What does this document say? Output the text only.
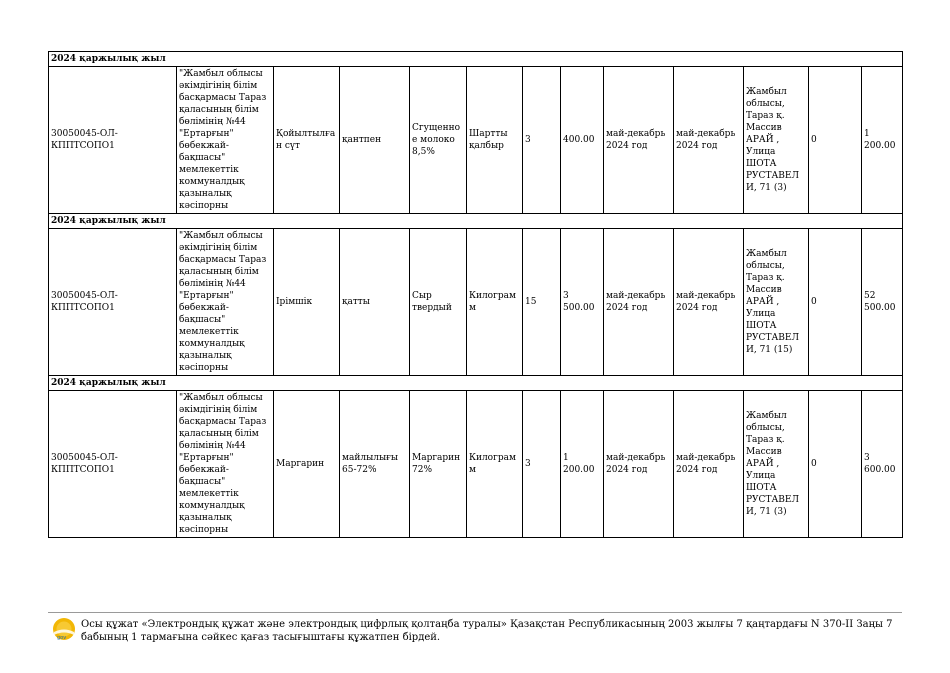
2024 қаржылық жыл												
30050045-ОЛ-КППТСОПО1	"Жамбыл облысы әкімдігінің білім басқармасы Тараз қаласының білім бөлімінің №44 "Ертарғын" бөбекжай-бақшасы" мемлекеттік коммуналдық қазыналық кәсіпорны	Қойылтылған сүт	қантпен	Сгущенное молоко 8,5%	Шартты қалбыр	3	400.00	май-декабрь 2024 год	май-декабрь 2024 год	Жамбыл облысы, Тараз қ. Массив АРАЙ , Улица ШОТА РУСТАВЕЛИ, 71 (3)	0	1 200.00
2024 қаржылық жыл												
30050045-ОЛ-КППТСОПО1	"Жамбыл облысы әкімдігінің білім басқармасы Тараз қаласының білім бөлімінің №44 "Ертарғын" бөбекжай-бақшасы" мемлекеттік коммуналдық қазыналық кәсіпорны	Ірімшік	қатты	Сыр твердый	Килограмм	15	3 500.00	май-декабрь 2024 год	май-декабрь 2024 год	Жамбыл облысы, Тараз қ. Массив АРАЙ , Улица ШОТА РУСТАВЕЛИ, 71 (15)	0	52 500.00
2024 қаржылық жыл												
30050045-ОЛ-КППТСОПО1	"Жамбыл облысы әкімдігінің білім басқармасы Тараз қаласының білім бөлімінің №44 "Ертарғын" бөбекжай-бақшасы" мемлекеттік коммуналдық қазыналық кәсіпорны	Маргарин	майлылығы 65-72%	Маргарин 72%	Килограмм	3	1 200.00	май-декабрь 2024 год	май-декабрь 2024 год	Жамбыл облысы, Тараз қ. Массив АРАЙ , Улица ШОТА РУСТАВЕЛИ, 71 (3)	0	3 600.00
gov
Осы құжат «Электрондық құжат және электрондық цифрлық қолтаңба туралы» Қазақстан Республикасының 2003 жылғы 7 қаңтардағы N 370-II Заңы 7 бабының 1 тармағына сәйкес қағаз тасығыштағы құжатпен бірдей.
